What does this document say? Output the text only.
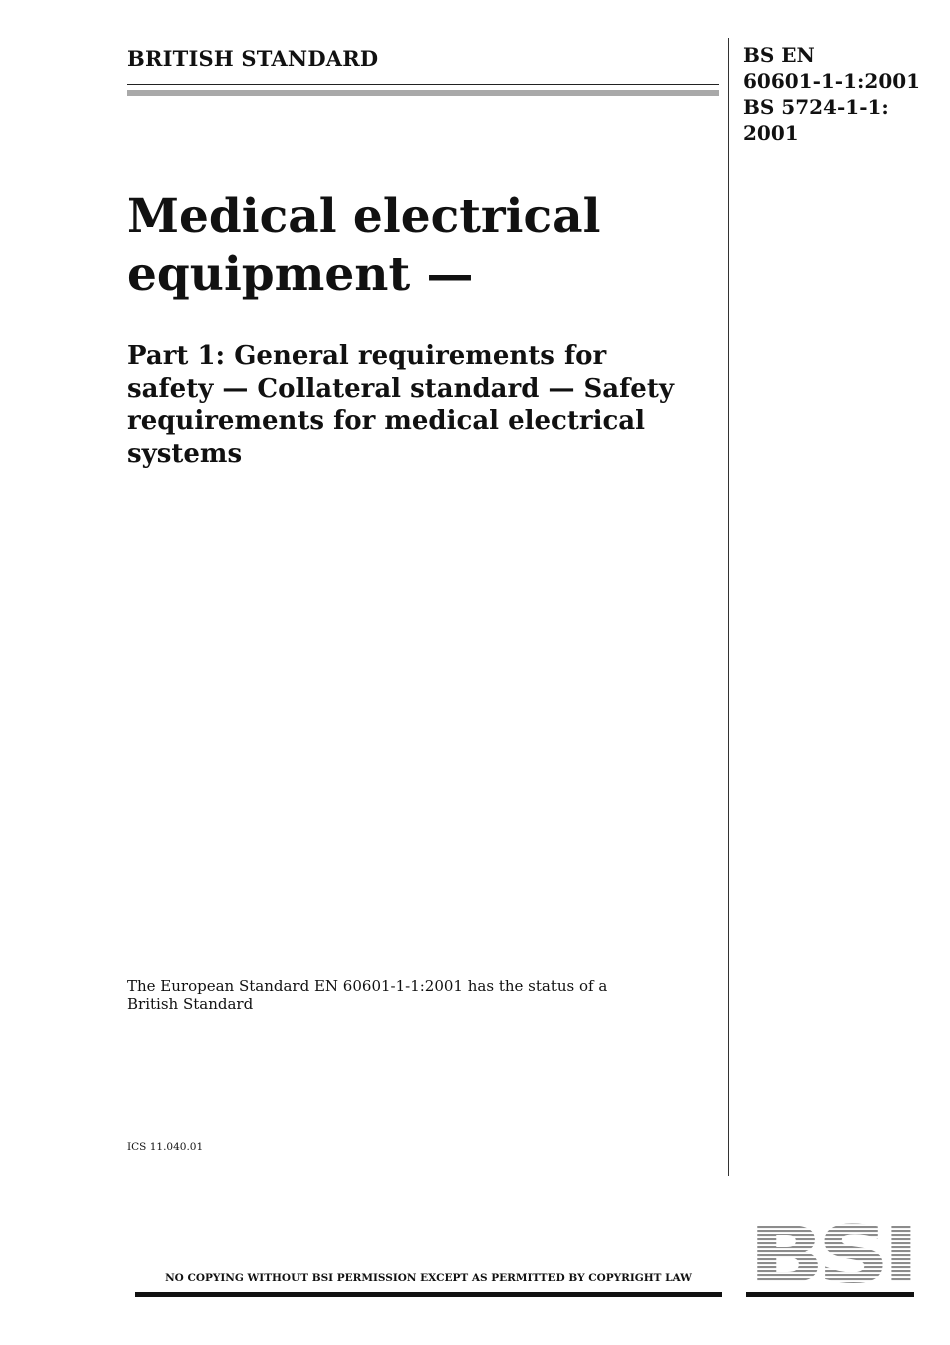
BRITISH STANDARD	BS EN
60601-1-1:2001
BS 5724-1-1:
2001
Medical electrical
equipment —
Part 1: General requirements for
safety — Collateral standard — Safety
requirements for medical electrical
systems
The European Standard EN 60601-1-1:2001 has the status of a
British Standard
ICS 11.040.01
NO COPYING WITHOUT BSI PERMISSION EXCEPT AS PERMITTED BY COPYRIGHT LAW BSI
